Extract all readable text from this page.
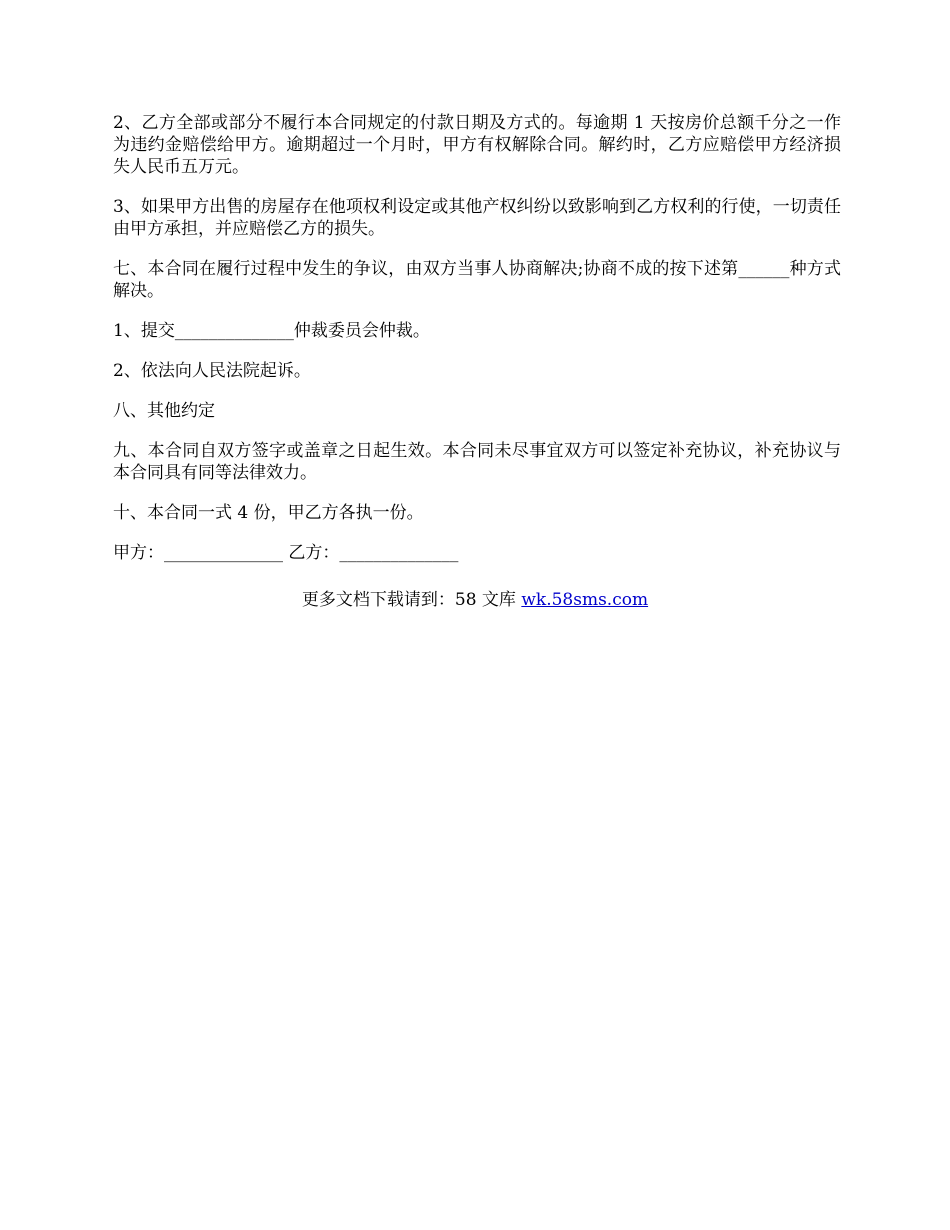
2、乙方全部或部分不履行本合同规定的付款日期及方式的。每逾期 1 天按房价总额千分之一作为违约金赔偿给甲方。逾期超过一个月时，甲方有权解除合同。解约时，乙方应赔偿甲方经济损失人民币五万元。

3、如果甲方出售的房屋存在他项权利设定或其他产权纠纷以致影响到乙方权利的行使，一切责任由甲方承担，并应赔偿乙方的损失。

七、本合同在履行过程中发生的争议，由双方当事人协商解决;协商不成的按下述第______种方式解决。

1、提交______________仲裁委员会仲裁。

2、依法向人民法院起诉。

八、其他约定

九、本合同自双方签字或盖章之日起生效。本合同未尽事宜双方可以签定补充协议，补充协议与本合同具有同等法律效力。

十、本合同一式 4 份，甲乙方各执一份。

甲方：______________ 乙方：______________

更多文档下载请到：58 文库 wk.58sms.com
